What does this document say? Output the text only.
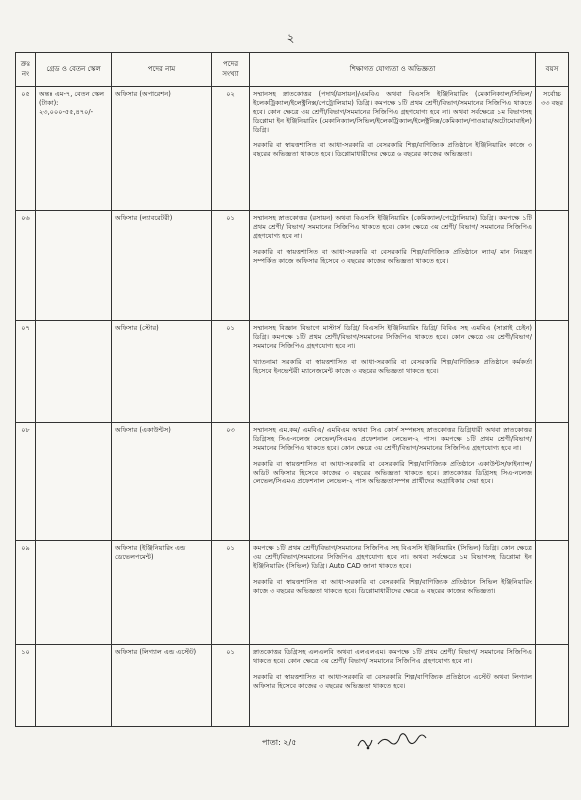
২
ক্রঃ নং	গ্রেড ও বেতন স্কেল	পদের নাম	পদের সংখ্যা	শিক্ষাগত যোগ্যতা ও অভিজ্ঞতা	বয়স
০৫	অন্তঃ এম-৭, বেতন স্কেল (টাকা): ২৩,০০০-৫৫,৪৭০/-	অফিসার (অপারেশন)	০২	সম্মানসহ স্নাতকোত্তর (পদার্থ/রসায়ন)/এমবিএ অথবা বিএসসি ইঞ্জিনিয়ারিং (মেকানিক্যাল/সিভিল/ইলেকট্রিক্যাল/ইলেক্ট্রনিক্স/পেট্রোলিয়াম) ডিগ্রি। কমপক্ষে ১টি প্রথম শ্রেণী/বিভাগ/সমমানের সিজিপিএ থাকতে হবে। কোন ক্ষেত্রে ৩য় শ্রেণী/বিভাগ/সমমানের সিজিপিএ গ্রহণযোগ্য হবে না। অথবা সর্বক্ষেত্রে ১ম বিভাগসহ ডিপ্লোমা ইন ইঞ্জিনিয়ারিং (মেকানিক্যাল/সিভিল/ইলেকট্রিক্যাল/ইলেক্ট্রনিক্স/কেমিক্যাল/পাওয়ার/অটোমোবাইল) ডিগ্রি।

সরকারি বা স্বায়ত্তশাসিত বা আধা-সরকারি বা বেসরকারি শিল্প/বাণিজ্যিক প্রতিষ্ঠানে ইঞ্জিনিয়ারিং কাজে ৩ বছরের অভিজ্ঞতা থাকতে হবে। ডিপ্লোমাধারীদের ক্ষেত্রে ৬ বছরের কাজের অভিজ্ঞতা।	সর্বোচ্চ ৩৩ বছর
০৬		অফিসার (ল্যাবরেটরী)	০১	সম্মানসহ স্নাতকোত্তর (রসায়ন) অথবা বিএসসি ইঞ্জিনিয়ারিং (কেমিক্যাল/পেট্রোলিয়াম) ডিগ্রি। কমপক্ষে ১টি প্রথম শ্রেণী/ বিভাগ/ সমমানের সিজিপিএ থাকতে হবে। কোন ক্ষেত্রে ৩য় শ্রেণী/ বিভাগ/ সমমানের সিজিপিএ গ্রহণযোগ্য হবে না।

সরকারি বা স্বায়ত্তশাসিত বা আধা-সরকারি বা বেসরকারি শিল্প/বাণিজ্যিক প্রতিষ্ঠানে ল্যাব/ মান নিয়ন্ত্রণ সম্পর্কিত কাজে অফিসার হিসেবে ৩ বছরের কাজের অভিজ্ঞতা থাকতে হবে।	

০৭		অফিসার (স্টোর)	০১	সম্মানসহ বিজ্ঞান বিভাগে মাস্টার্স ডিগ্রি/ বিএসসি ইঞ্জিনিয়ারিং ডিগ্রি/ বিবিএ সহ এমবিএ (সাপ্লাই চেইন) ডিগ্রি। কমপক্ষে ১টি প্রথম শ্রেণী/বিভাগ/সমমানের সিজিপিএ থাকতে হবে। কোন ক্ষেত্রে ৩য় শ্রেণী/বিভাগ/সমমানের সিজিপিএ গ্রহণযোগ্য হবে না।

খ্যাতনামা সরকারি বা স্বায়ত্তশাসিত বা আধা-সরকারি বা বেসরকারি শিল্প/বাণিজ্যিক প্রতিষ্ঠানে কর্মকর্তা হিসেবে ইনভেন্টরী ম্যানেজমেন্ট কাজে ৩ বছরের অভিজ্ঞতা থাকতে হবে।	

০৮		অফিসার (একাউন্টস)	০৩	সম্মানসহ এম.কম/ এমবিএ/ এমবিএম অথবা সিএ কোর্স সম্পন্নসহ স্নাতকোত্তর ডিগ্রিধারী অথবা স্নাতকোত্তর ডিগ্রিসহ সিএ-নলেজ লেভেল/সিএমএ প্রফেশনাল লেভেল-২ পাস। কমপক্ষে ১টি প্রথম শ্রেণী/বিভাগ/সমমানের সিজিপিএ থাকতে হবে। কোন ক্ষেত্রে ৩য় শ্রেণী/বিভাগ/সমমানের সিজিপিএ গ্রহণযোগ্য হবে না।

সরকারি বা স্বায়ত্তশাসিত বা আধা-সরকারি বা বেসরকারি শিল্প/বাণিজ্যিক প্রতিষ্ঠানে একাউন্টস/ফাইন্যান্স/অডিট অফিসার হিসেবে কাজের ৩ বছরের অভিজ্ঞতা থাকতে হবে। স্নাতকোত্তর ডিগ্রিসহ সিএ-নলেজ লেভেল/সিএমএ প্রফেশনাল লেভেল-২ পাস অভিজ্ঞতাসম্পন্ন প্রার্থীদের অগ্রাধিকার দেয়া হবে।	

০৯		অফিসার (ইঞ্জিনিয়ারিং এন্ড ডেভেলপমেন্ট)	০১	কমপক্ষে ১টি প্রথম শ্রেণী/বিভাগ/সমমানের সিজিপিএ সহ বিএসসি ইঞ্জিনিয়ারিং (সিভিল) ডিগ্রি। কোন ক্ষেত্রে ৩য় শ্রেণী/বিভাগ/সমমানের সিজিপিএ গ্রহণযোগ্য হবে না। অথবা সর্বক্ষেত্রে ১ম বিভাগসহ ডিপ্লোমা ইন ইঞ্জিনিয়ারিং (সিভিল) ডিগ্রি। Auto CAD জানা থাকতে হবে।

সরকারি বা স্বায়ত্তশাসিত বা আধা-সরকারি বা বেসরকারি শিল্প/বাণিজ্যিক প্রতিষ্ঠানে সিভিল ইঞ্জিনিয়ারিং কাজে ৩ বছরের অভিজ্ঞতা থাকতে হবে। ডিপ্লোমাধারীদের ক্ষেত্রে ৬ বছরের কাজের অভিজ্ঞতা।	

১০		অফিসার (লিগ্যাল এন্ড এস্টেট)	০১	স্নাতকোত্তর ডিগ্রিসহ এলএলবি অথবা এলএলএম। কমপক্ষে ১টি প্রথম শ্রেণী/ বিভাগ/ সমমানের সিজিপিএ থাকতে হবে। কোন ক্ষেত্রে ৩য় শ্রেণী/ বিভাগ/ সমমানের সিজিপিএ গ্রহণযোগ্য হবে না।

সরকারি বা স্বায়ত্তশাসিত বা আধা-সরকারি বা বেসরকারি শিল্প/বাণিজ্যিক প্রতিষ্ঠানে এস্টেট অথবা লিগ্যাল অফিসার হিসেবে কাজের ৩ বছরের অভিজ্ঞতা থাকতে হবে।	

পাতা: ২/৫
